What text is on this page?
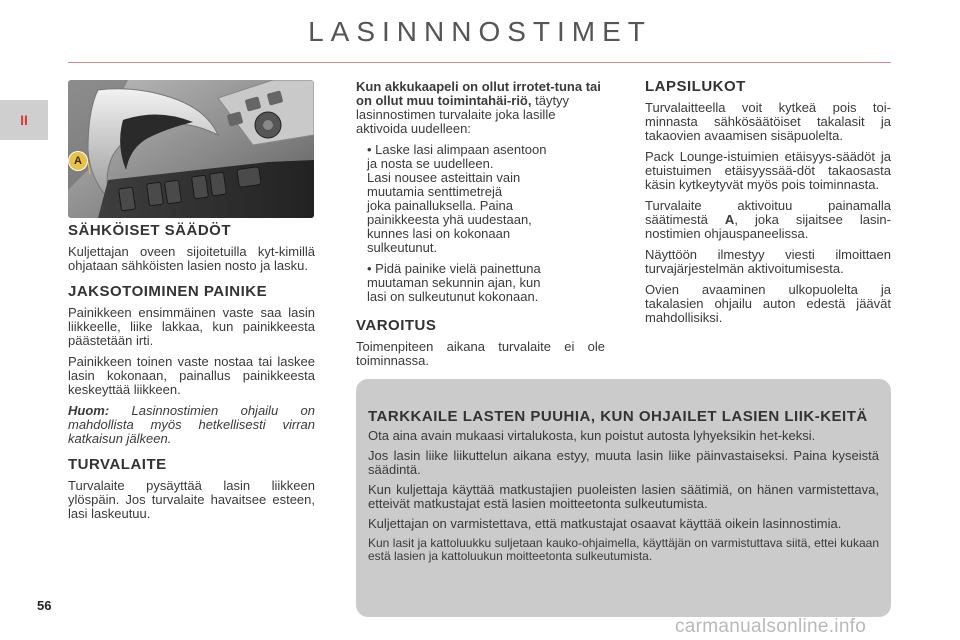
LASINNNOSTIMET
II
56
A
SÄHKÖISET SÄÄDÖT

Kuljettajan oveen sijoitetuilla kyt-kimillä ohjataan sähköisten lasien nosto ja lasku.

JAKSOTOIMINEN PAINIKE

Painikkeen ensimmäinen vaste saa lasin liikkeelle, liike lakkaa, kun painikkeesta päästetään irti.

Painikkeen toinen vaste nostaa tai laskee lasin kokonaan, painallus painikkeesta keskeyttää liikkeen.

Huom: Lasinnostimien ohjailu on mahdollista myös hetkellisesti virran katkaisun jälkeen.

TURVALAITE

Turvalaite pysäyttää lasin liikkeen ylöspäin. Jos turvalaite havaitsee esteen, lasi laskeutuu.

Kun akkukaapeli on ollut irrotet-tuna tai on ollut muu toimintahäi-riö, täytyy lasinnostimen turvalaite joka lasille aktivoida uudelleen:

• Laske lasi alimpaan asentoon
ja nosta se uudelleen.
Lasi nousee asteittain vain
muutamia senttimetrejä
joka painalluksella. Paina
painikkeesta yhä uudestaan,
kunnes lasi on kokonaan
sulkeutunut.

• Pidä painike vielä painettuna
muutaman sekunnin ajan, kun
lasi on sulkeutunut kokonaan.

VAROITUS

Toimenpiteen aikana turvalaite ei ole toiminnassa.

LAPSILUKOT

Turvalaitteella voit kytkeä pois toi-minnasta sähkösäätöiset takalasit ja takaovien avaamisen sisäpuolelta.

Pack Lounge-istuimien etäisyys-säädöt ja etuistuimen etäisyyssää-döt takaosasta käsin kytkeytyvät myös pois toiminnasta.

Turvalaite aktivoituu painamalla säätimestä A, joka sijaitsee lasin-nostimien ohjauspaneelissa.

Näyttöön ilmestyy viesti ilmoittaen turvajärjestelmän aktivoitumisesta.

Ovien avaaminen ulkopuolelta ja takalasien ohjailu auton edestä jäävät mahdollisiksi.

TARKKAILE LASTEN PUUHIA, KUN OHJAILET LASIEN LIIK-KEITÄ

Ota aina avain mukaasi virtalukosta, kun poistut autosta lyhyeksikin het-keksi.

Jos lasin liike liikuttelun aikana estyy, muuta lasin liike päinvastaiseksi. Paina kyseistä säädintä.

Kun kuljettaja käyttää matkustajien puoleisten lasien säätimiä, on hänen varmistettava, etteivät matkustajat estä lasien moitteetonta sulkeutumista.

Kuljettajan on varmistettava, että matkustajat osaavat käyttää oikein lasinnostimia.

Kun lasit ja kattoluukku suljetaan kauko-ohjaimella, käyttäjän on varmistuttava siitä, ettei kukaan estä lasien ja kattoluukun moitteetonta sulkeutumista.

carmanualsonline.info
